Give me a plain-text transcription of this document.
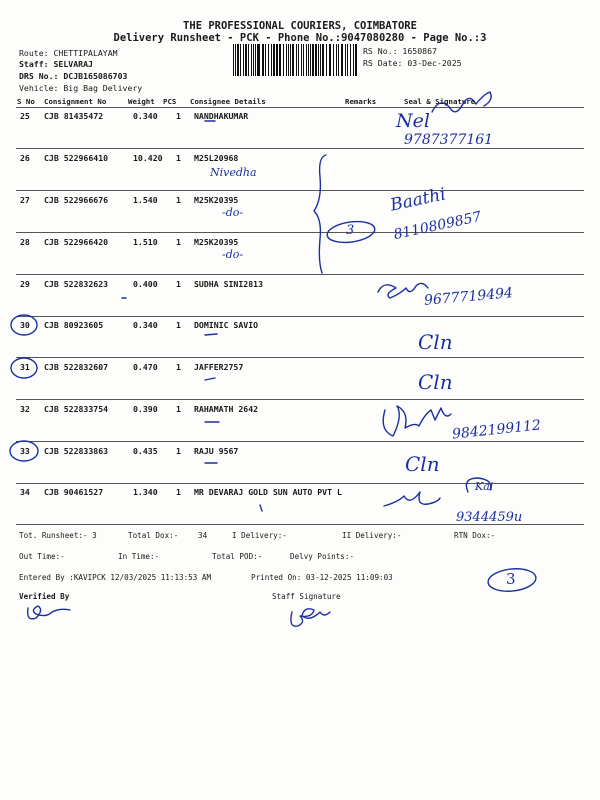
THE PROFESSIONAL COURIERS, COIMBATORE
Delivery Runsheet - PCK - Phone No.:9047080280 - Page No.:3
Route: CHETTIPALAYAM
Staff: SELVARAJ
DRS No.: DCJB165086703
Vehicle: Big Bag Delivery
RS No.: 1650867
RS Date: 03-Dec-2025
S No Consignment No	Weight PCS Consignee Details	Remarks	Seal & Signature
25 CJB 81435472	0.340 1 NANDHAKUMAR
26 CJB 522966410	10.420 1 M25L20968
27 CJB 522966676	1.540 1 M25K20395
28 CJB 522966420	1.510 1 M25K20395
29 CJB 522832623	0.400 1 SUDHA SINI2813
30 CJB 80923605	0.340 1 DOMINIC SAVIO
31 CJB 522832607	0.470 1 JAFFER2757
32 CJB 522833754	0.390 1 RAHAMATH 2642
33 CJB 522833863	0.435 1 RAJU 9567
34 CJB 90461527	1.340 1 MR DEVARAJ GOLD SUN AUTO PVT L
Tot. Runsheet:- 3	Total Dox:-	34	I Delivery:-	II Delivery:-	RTN Dox:-
Out Time:-	In Time:-	Total POD:-	Delvy Points:-
Entered By :KAVIPCK 12/03/2025 11:13:53 AM	Printed On: 03-12-2025 11:09:03
Verified By	Staff Signature
Nel
9787377161
Nivedha
-do-
-do-
Baathi
8110809857
3
9677719494
Cln
Cln
9842199112
Cln
Kai
9344459u
3
